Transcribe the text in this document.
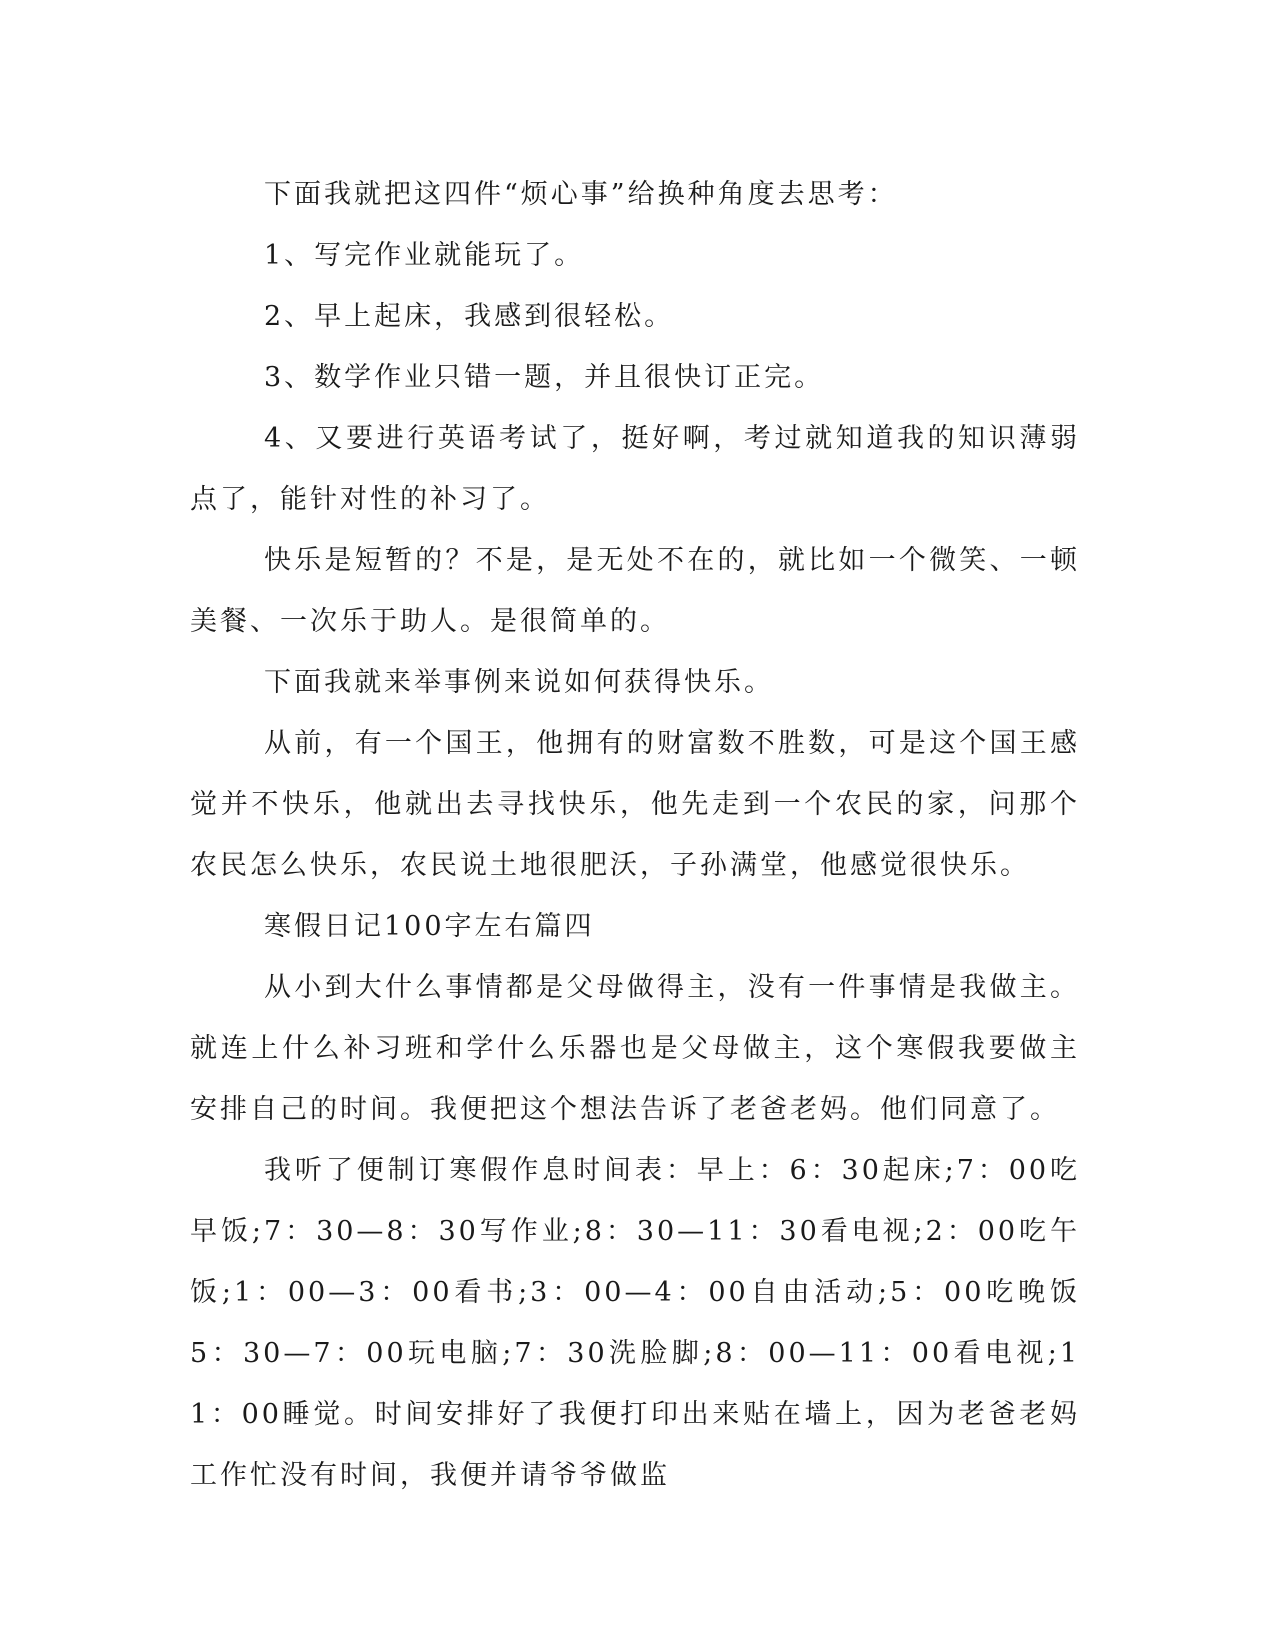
下面我就把这四件“烦心事”给换种角度去思考：

1、写完作业就能玩了。

2、早上起床，我感到很轻松。

3、数学作业只错一题，并且很快订正完。

4、又要进行英语考试了，挺好啊，考过就知道我的知识薄弱点了，能针对性的补习了。

快乐是短暂的？不是，是无处不在的，就比如一个微笑、一顿美餐、一次乐于助人。是很简单的。

下面我就来举事例来说如何获得快乐。

从前，有一个国王，他拥有的财富数不胜数，可是这个国王感觉并不快乐，他就出去寻找快乐，他先走到一个农民的家，问那个农民怎么快乐，农民说土地很肥沃，子孙满堂，他感觉很快乐。

寒假日记100字左右篇四

从小到大什么事情都是父母做得主，没有一件事情是我做主。就连上什么补习班和学什么乐器也是父母做主，这个寒假我要做主安排自己的时间。我便把这个想法告诉了老爸老妈。他们同意了。

我听了便制订寒假作息时间表：早上：6：30起床;7：00吃早饭;7：30—8：30写作业;8：30—11：30看电视;2：00吃午饭;1：00—3：00看书;3：00—4：00自由活动;5：00吃晚饭5：30—7：00玩电脑;7：30洗脸脚;8：00—11：00看电视;11：00睡觉。时间安排好了我便打印出来贴在墙上，因为老爸老妈工作忙没有时间，我便并请爷爷做监
